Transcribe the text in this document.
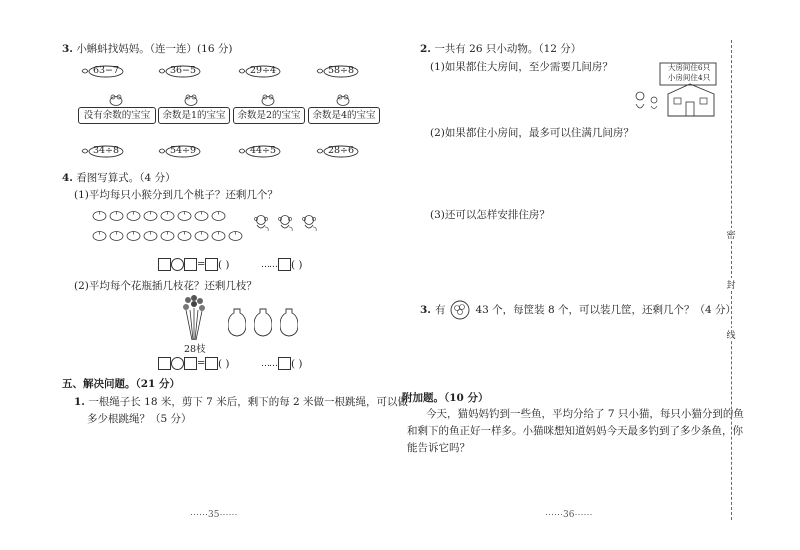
3. 小蝌蚪找妈妈。（连一连）(16 分)
63−7	36−5	29÷4	58÷8
没有余数的宝宝	余数是1的宝宝	余数是2的宝宝	余数是4的宝宝
34÷8	54÷9	44÷5	28÷6
4. 看图写算式。（4 分）
(1)平均每只小猴分到几个桃子？还剩几个？
= ( )	…… ( )
(2)平均每个花瓶插几枝花？还剩几枝？
28枝
= ( )	…… ( )
五、解决问题。（21 分）
1. 一根绳子长 18 米，剪下 7 米后，剩下的每 2 米做一根跳绳，可以做
多少根跳绳？（5 分）
⋯⋯35⋯⋯
2. 一共有 26 只小动物。（12 分）
(1)如果都住大房间，至少需要几间房？	大房间住6只
小房间住4只
(2)如果都住小房间，最多可以住满几间房？
(3)还可以怎样安排住房？
3. 有	43 个，每筐装 8 个，可以装几筐，还剩几个？（4 分）
附加题。（10 分）
今天，猫妈妈钓到一些鱼，平均分给了 7 只小猫，每只小猫分到的鱼
和剩下的鱼正好一样多。小猫咪想知道妈妈今天最多钓到了多少条鱼，你
能告诉它吗？
⋯⋯36⋯⋯
密
封
线
